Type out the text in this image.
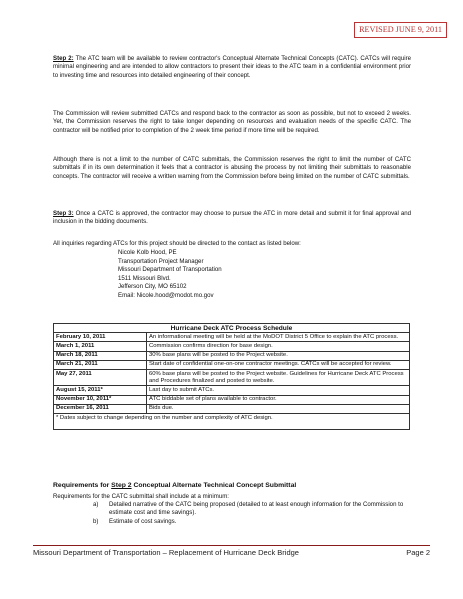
REVISED JUNE 9, 2011
Step 2: The ATC team will be available to review contractor's Conceptual Alternate Technical Concepts (CATC). CATCs will require minimal engineering and are intended to allow contractors to present their ideas to the ATC team in a confidential environment prior to investing time and resources into detailed engineering of their concept.
The Commission will review submitted CATCs and respond back to the contractor as soon as possible, but not to exceed 2 weeks. Yet, the Commission reserves the right to take longer depending on resources and evaluation needs of the specific CATC. The contractor will be notified prior to completion of the 2 week time period if more time will be required.
Although there is not a limit to the number of CATC submittals, the Commission reserves the right to limit the number of CATC submittals if in its own determination it feels that a contractor is abusing the process by not limiting their submittals to reasonable concepts. The contractor will receive a written warning from the Commission before being limited on the number of CATC submittals.
Step 3: Once a CATC is approved, the contractor may choose to pursue the ATC in more detail and submit it for final approval and inclusion in the bidding documents.
All inquiries regarding ATCs for this project should be directed to the contact as listed below:
Nicole Kolb Hood, PE
Transportation Project Manager
Missouri Department of Transportation
1511 Missouri Blvd.
Jefferson City, MO 65102
Email: Nicole.hood@modot.mo.gov
Hurricane Deck ATC Process Schedule	
February 10, 2011	An informational meeting will be held at the MoDOT District 5 Office to explain the ATC process.
March 1, 2011	Commission confirms direction for base design.
March 18, 2011	30% base plans will be posted to the Project website.
March 21, 2011	Start date of confidential one-on-one contractor meetings. CATCs will be accepted for review.
May 27, 2011	60% base plans will be posted to the Project website. Guidelines for Hurricane Deck ATC Process and Procedures finalized and posted to website.
August 15, 2011*	Last day to submit ATCs.
November 10, 2011*	ATC biddable set of plans available to contractor.
December 16, 2011	Bids due.
* Dates subject to change depending on the number and complexity of ATC design.	
Requirements for Step 2 Conceptual Alternate Technical Concept Submittal
Requirements for the CATC submittal shall include at a minimum:
a) Detailed narrative of the CATC being proposed (detailed to at least enough information for the Commission to estimate cost and time savings).
b) Estimate of cost savings.
Missouri Department of Transportation – Replacement of Hurricane Deck Bridge	Page 2
